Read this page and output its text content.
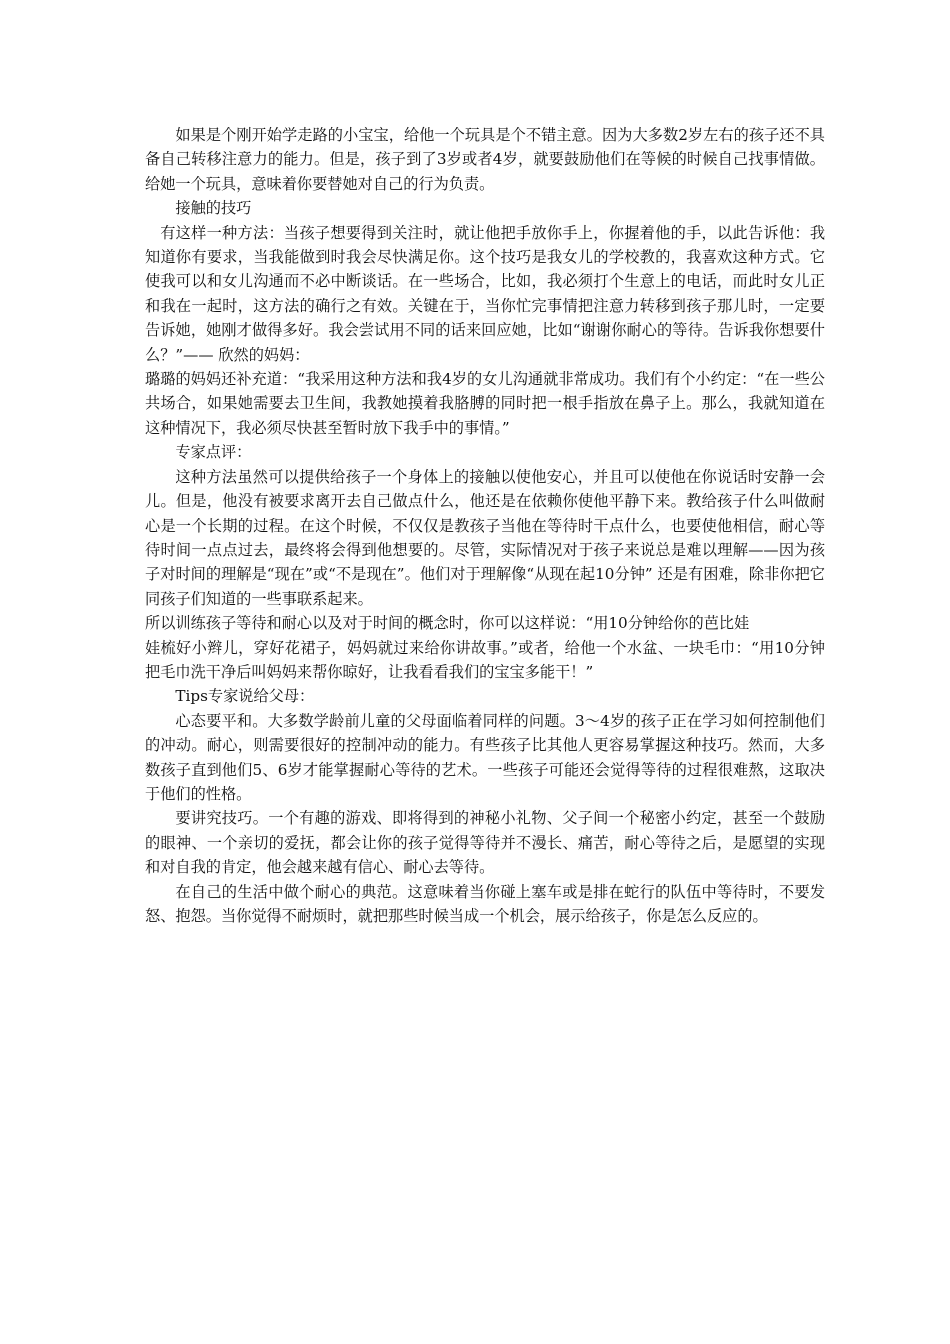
如果是个刚开始学走路的小宝宝，给他一个玩具是个不错主意。因为大多数2岁左右的孩子还不具备自己转移注意力的能力。但是，孩子到了3岁或者4岁，就要鼓励他们在等候的时候自己找事情做。给她一个玩具，意味着你要替她对自己的行为负责。

接触的技巧

有这样一种方法：当孩子想要得到关注时，就让他把手放你手上，你握着他的手，以此告诉他：我知道你有要求，当我能做到时我会尽快满足你。这个技巧是我女儿的学校教的，我喜欢这种方式。它使我可以和女儿沟通而不必中断谈话。在一些场合，比如，我必须打个生意上的电话，而此时女儿正和我在一起时，这方法的确行之有效。关键在于，当你忙完事情把注意力转移到孩子那儿时，一定要告诉她，她刚才做得多好。我会尝试用不同的话来回应她，比如“谢谢你耐心的等待。告诉我你想要什么？”—— 欣然的妈妈：

璐璐的妈妈还补充道：“我采用这种方法和我4岁的女儿沟通就非常成功。我们有个小约定：“在一些公共场合，如果她需要去卫生间，我教她摸着我胳膊的同时把一根手指放在鼻子上。那么，我就知道在这种情况下，我必须尽快甚至暂时放下我手中的事情。”

专家点评：

这种方法虽然可以提供给孩子一个身体上的接触以使他安心，并且可以使他在你说话时安静一会儿。但是，他没有被要求离开去自己做点什么，他还是在依赖你使他平静下来。教给孩子什么叫做耐心是一个长期的过程。在这个时候，不仅仅是教孩子当他在等待时干点什么，也要使他相信，耐心等待时间一点点过去，最终将会得到他想要的。尽管，实际情况对于孩子来说总是难以理解——因为孩子对时间的理解是“现在”或“不是现在”。他们对于理解像“从现在起10分钟” 还是有困难，除非你把它同孩子们知道的一些事联系起来。

所以训练孩子等待和耐心以及对于时间的概念时，你可以这样说：“用10分钟给你的芭比娃

娃梳好小辫儿，穿好花裙子，妈妈就过来给你讲故事。”或者，给他一个水盆、一块毛巾：“用10分钟把毛巾洗干净后叫妈妈来帮你晾好，让我看看我们的宝宝多能干！”

Tips专家说给父母：

心态要平和。大多数学龄前儿童的父母面临着同样的问题。3～4岁的孩子正在学习如何控制他们的冲动。耐心，则需要很好的控制冲动的能力。有些孩子比其他人更容易掌握这种技巧。然而，大多数孩子直到他们5、6岁才能掌握耐心等待的艺术。一些孩子可能还会觉得等待的过程很难熬，这取决于他们的性格。

要讲究技巧。一个有趣的游戏、即将得到的神秘小礼物、父子间一个秘密小约定，甚至一个鼓励的眼神、一个亲切的爱抚，都会让你的孩子觉得等待并不漫长、痛苦，耐心等待之后，是愿望的实现和对自我的肯定，他会越来越有信心、耐心去等待。

在自己的生活中做个耐心的典范。这意味着当你碰上塞车或是排在蛇行的队伍中等待时，不要发怒、抱怨。当你觉得不耐烦时，就把那些时候当成一个机会，展示给孩子，你是怎么反应的。
